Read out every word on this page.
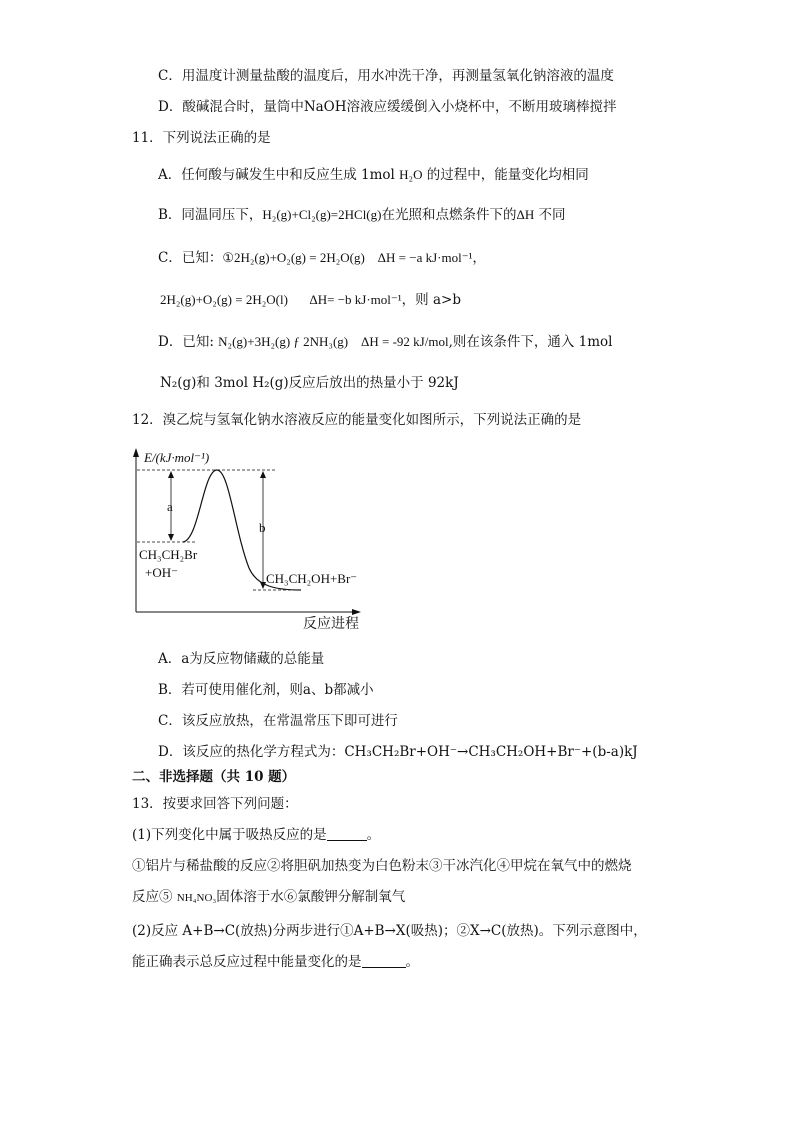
C．用温度计测量盐酸的温度后，用水冲洗干净，再测量氢氧化钠溶液的温度
D．酸碱混合时，量筒中NaOH溶液应缓缓倒入小烧杯中，不断用玻璃棒搅拌
11．下列说法正确的是
A．任何酸与碱发生中和反应生成 1mol H₂O 的过程中，能量变化均相同
B．同温同压下，H₂(g)+Cl₂(g)=2HCl(g)在光照和点燃条件下的ΔH 不同
C．已知：①2H₂(g)+O₂(g) = 2H₂O(g) ΔH = −a kJ·mol⁻¹，
2H₂(g)+O₂(g) = 2H₂O(l) ΔH= −b kJ·mol⁻¹，则 a>b
D．已知: N₂(g)+3H₂(g) ƒ 2NH₃(g) ΔH = -92 kJ/mol,则在该条件下，通入 1mol
N₂(g)和 3mol H₂(g)反应后放出的热量小于 92kJ
12．溴乙烷与氢氧化钠水溶液反应的能量变化如图所示，下列说法正确的是
E/(kJ·mol⁻¹)
a
b
CH₃CH₂Br
+OH⁻	CH₃CH₂OH+Br⁻
反应进程
A．a为反应物储藏的总能量
B．若可使用催化剂，则a、b都减小
C．该反应放热，在常温常压下即可进行
D．该反应的热化学方程式为：CH₃CH₂Br+OH⁻→CH₃CH₂OH+Br⁻+(b-a)kJ
二、非选择题（共 10 题）
13．按要求回答下列问题：
(1)下列变化中属于吸热反应的是	。
①铝片与稀盐酸的反应②将胆矾加热变为白色粉末③干冰汽化④甲烷在氧气中的燃烧
反应⑤ NH₄NO₃固体溶于水⑥氯酸钾分解制氧气
(2)反应 A+B→C(放热)分两步进行①A+B→X(吸热)；②X→C(放热)。下列示意图中，
能正确表示总反应过程中能量变化的是	。
